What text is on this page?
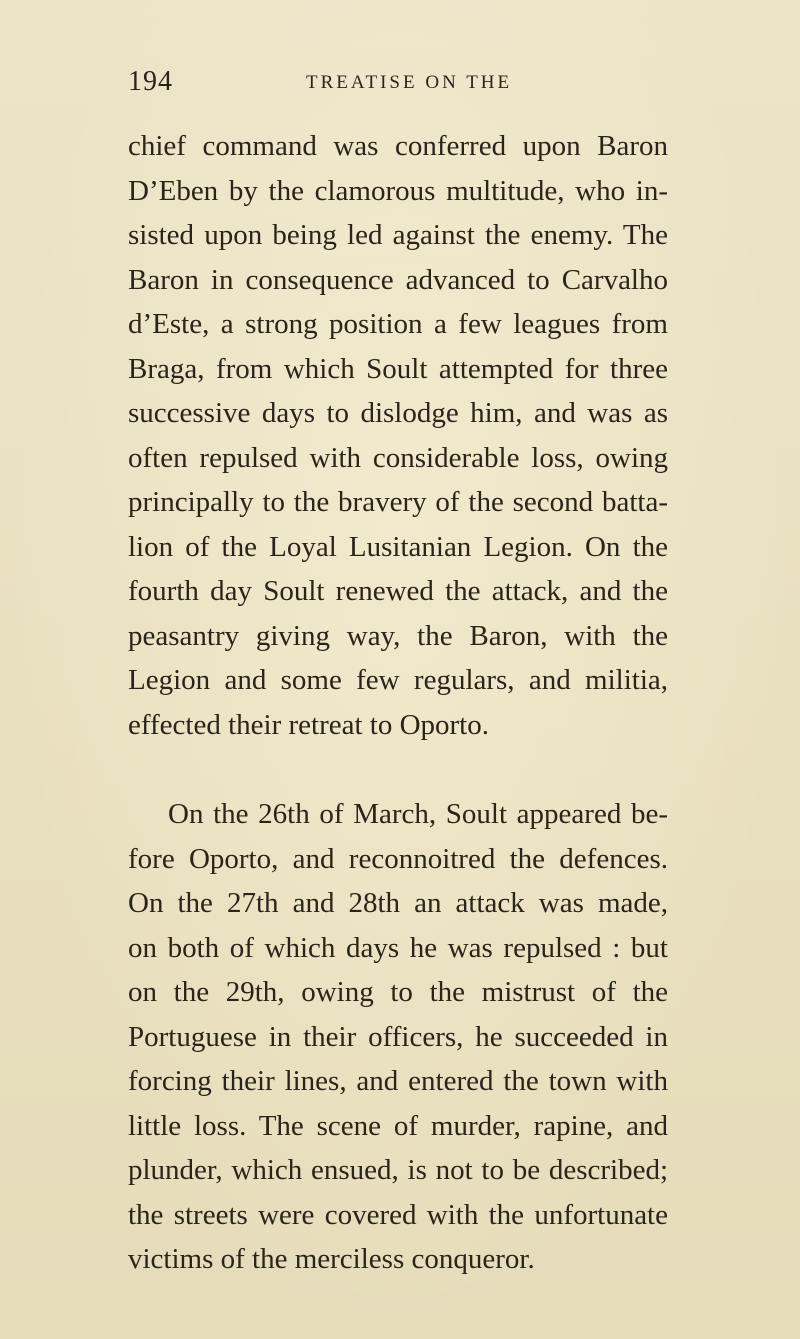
194	TREATISE ON THE
chief command was conferred upon Baron
D’Eben by the clamorous multitude, who in-
sisted upon being led against the enemy. The
Baron in consequence advanced to Carvalho
d’Este, a strong position a few leagues from
Braga, from which Soult attempted for three
successive days to dislodge him, and was as
often repulsed with considerable loss, owing
principally to the bravery of the second batta-
lion of the Loyal Lusitanian Legion. On the
fourth day Soult renewed the attack, and the
peasantry giving way, the Baron, with the
Legion and some few regulars, and militia,
effected their retreat to Oporto.
On the 26th of March, Soult appeared be-
fore Oporto, and reconnoitred the defences.
On the 27th and 28th an attack was made,
on both of which days he was repulsed : but
on the 29th, owing to the mistrust of the
Portuguese in their officers, he succeeded in
forcing their lines, and entered the town with
little loss. The scene of murder, rapine, and
plunder, which ensued, is not to be described;
the streets were covered with the unfortunate
victims of the merciless conqueror.
